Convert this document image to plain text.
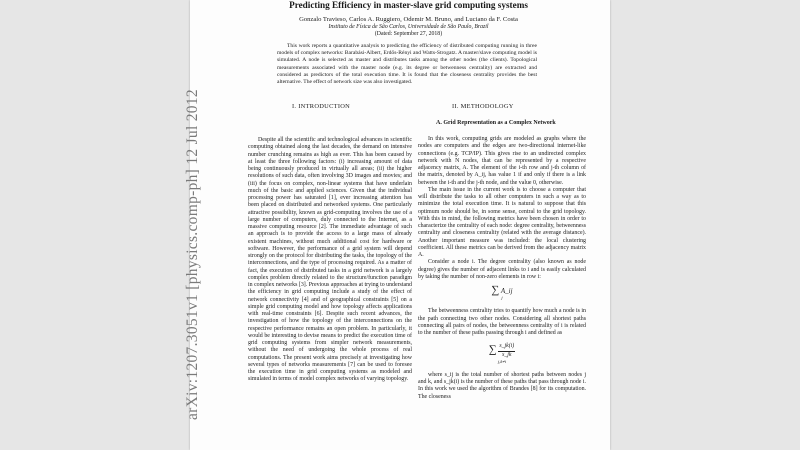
arXiv:1207.3051v1 [physics.comp-ph] 12 Jul 2012
Predicting Efficiency in master-slave grid computing systems
Gonzalo Travieso, Carlos A. Ruggiero, Odemir M. Bruno, and Luciano da F. Costa
Instituto de Física de São Carlos, Universidade de São Paulo, Brazil
(Dated: September 27, 2018)
This work reports a quantitative analysis to predicting the efficiency of distributed computing running in three models of complex networks: Barabási-Albert, Erdős-Rényi and Watts-Strogatz. A master/slave computing model is simulated. A node is selected as master and distributes tasks among the other nodes (the clients). Topological measurements associated with the master node (e.g. its degree or betwenness centrality) are extracted and considered as predictors of the total execution time. It is found that the closeness centrality provides the best alternative. The effect of network size was also investigated.
I. INTRODUCTION	II. METHODOLOGY
A. Grid Representation as a Complex Network

Despite all the scientific and technological advances in scientific computing obtained along the last decades, the demand on intensive number crunching remains as high as ever. This has been caused by at least the three following factors: (i) increasing amount of data being continuously produced in virtually all areas; (ii) the higher resolutions of such data, often involving 3D images and movies; and (iii) the focus on complex, non-linear systems that have underlain much of the basic and applied sciences. Given that the individual processing power has saturated [1], ever increasing attention has been placed on distributed and networked systems. One particularly attractive possibility, known as grid-computing involves the use of a large number of computers, duly connected to the Internet, as a massive computing resource [2]. The immediate advantage of such an approach is to provide the access to a large mass of already existent machines, without much additional cost for hardware or software. However, the performance of a grid system will depend strongly on the protocol for distributing the tasks, the topology of the interconnections, and the type of processing required. As a matter of fact, the execution of distributed tasks in a grid network is a largely complex problem directly related to the structure/function paradigm in complex networks [3]. Previous approaches at trying to understand the efficiency in grid computing include a study of the effect of network connectivity [4] and of geographical constraints [5] on a simple grid computing model and how topology affects applications with real-time constraints [6]. Despite such recent advances, the investigation of how the topology of the interconnections on the respective performance remains an open problem. In particularly, it would be interesting to devise means to predict the execution time of grid computing systems from simpler network measurements, without the need of undergoing the whole process of real computations. The present work aims precisely at investigating how several types of networks measurements [7] can be used to foresee the execution time in grid computing systems as modeled and simulated in terms of model complex networks of varying topology.

In this work, computing grids are modeled as graphs where the nodes are computers and the edges are two-directional internet-like connections (e.g. TCP/IP). This gives rise to an undirected complex network with N nodes, that can be represented by a respective adjacency matrix, A. The element of the i-th row and j-th column of the matrix, denoted by A_ij, has value 1 if and only if there is a link between the i-th and the j-th node, and the value 0, otherwise.

The main issue in the current work is to choose a computer that will distribute the tasks to all other computers in such a way as to minimize the total execution time. It is natural to suppose that this optimum node should be, in some sense, central to the grid topology. With this in mind, the following metrics have been chosen in order to characterize the centrality of each node: degree centrality, betweenness centrality and closeness centrality (related with the average distance). Another important measure was included: the local clustering coefficient. All these metrics can be derived from the adjacency matrix A.

Consider a node i. The degree centrality (also known as node degree) gives the number of adjacent links to i and is easily calculated by taking the number of non-zero elements in row i:

∑ A_ij
j

The betweenness centrality tries to quantify how much a node is in the path connecting two other nodes. Considering all shortest paths connecting all pairs of nodes, the betweenness centrality of i is related to the number of these paths passing through i and defined as

∑ $\frac{s\_jk(i)}{s\_jk}$
j,k≠i

where s_ij is the total number of shortest paths between nodes j and k, and s_jk(i) is the number of these paths that pass through node i. In this work we used the algorithm of Brandes [8] for its computation. The closeness
